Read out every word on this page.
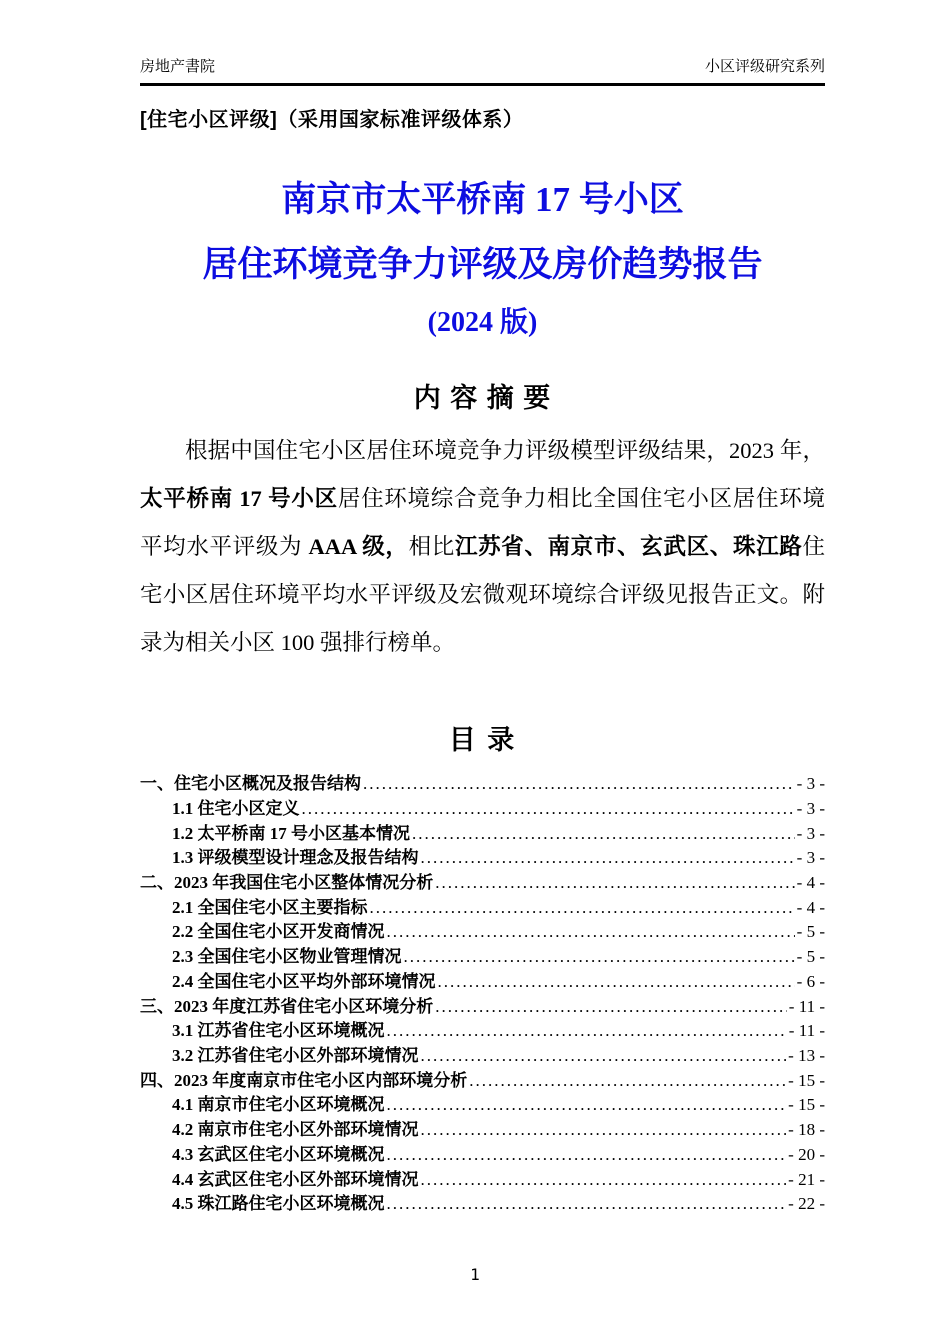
房地产書院	小区评级研究系列
[住宅小区评级]（采用国家标准评级体系）
南京市太平桥南 17 号小区
居住环境竞争力评级及房价趋势报告
(2024 版)
内 容 摘 要

根据中国住宅小区居住环境竞争力评级模型评级结果，2023 年，太平桥南 17 号小区居住环境综合竞争力相比全国住宅小区居住环境平均水平评级为 AAA 级，相比江苏省、南京市、玄武区、珠江路住宅小区居住环境平均水平评级及宏微观环境综合评级见报告正文。附录为相关小区 100 强排行榜单。

目 录
一、住宅小区概况及报告结构 .....	- 3 -
1.1 住宅小区定义 .....	- 3 -
1.2 太平桥南 17 号小区基本情况 .....	- 3 -
1.3 评级模型设计理念及报告结构 .....	- 3 -
二、2023 年我国住宅小区整体情况分析 .....	- 4 -
2.1 全国住宅小区主要指标 .....	- 4 -
2.2 全国住宅小区开发商情况 .....	- 5 -
2.3 全国住宅小区物业管理情况 .....	- 5 -
2.4 全国住宅小区平均外部环境情况 .....	- 6 -
三、2023 年度江苏省住宅小区环境分析 .....	- 11 -
3.1 江苏省住宅小区环境概况 .....	- 11 -
3.2 江苏省住宅小区外部环境情况 .....	- 13 -
四、2023 年度南京市住宅小区内部环境分析 .....	- 15 -
4.1 南京市住宅小区环境概况 .....	- 15 -
4.2 南京市住宅小区外部环境情况 .....	- 18 -
4.3 玄武区住宅小区环境概况 .....	- 20 -
4.4 玄武区住宅小区外部环境情况 .....	- 21 -
4.5 珠江路住宅小区环境概况 .....	- 22 -
1
